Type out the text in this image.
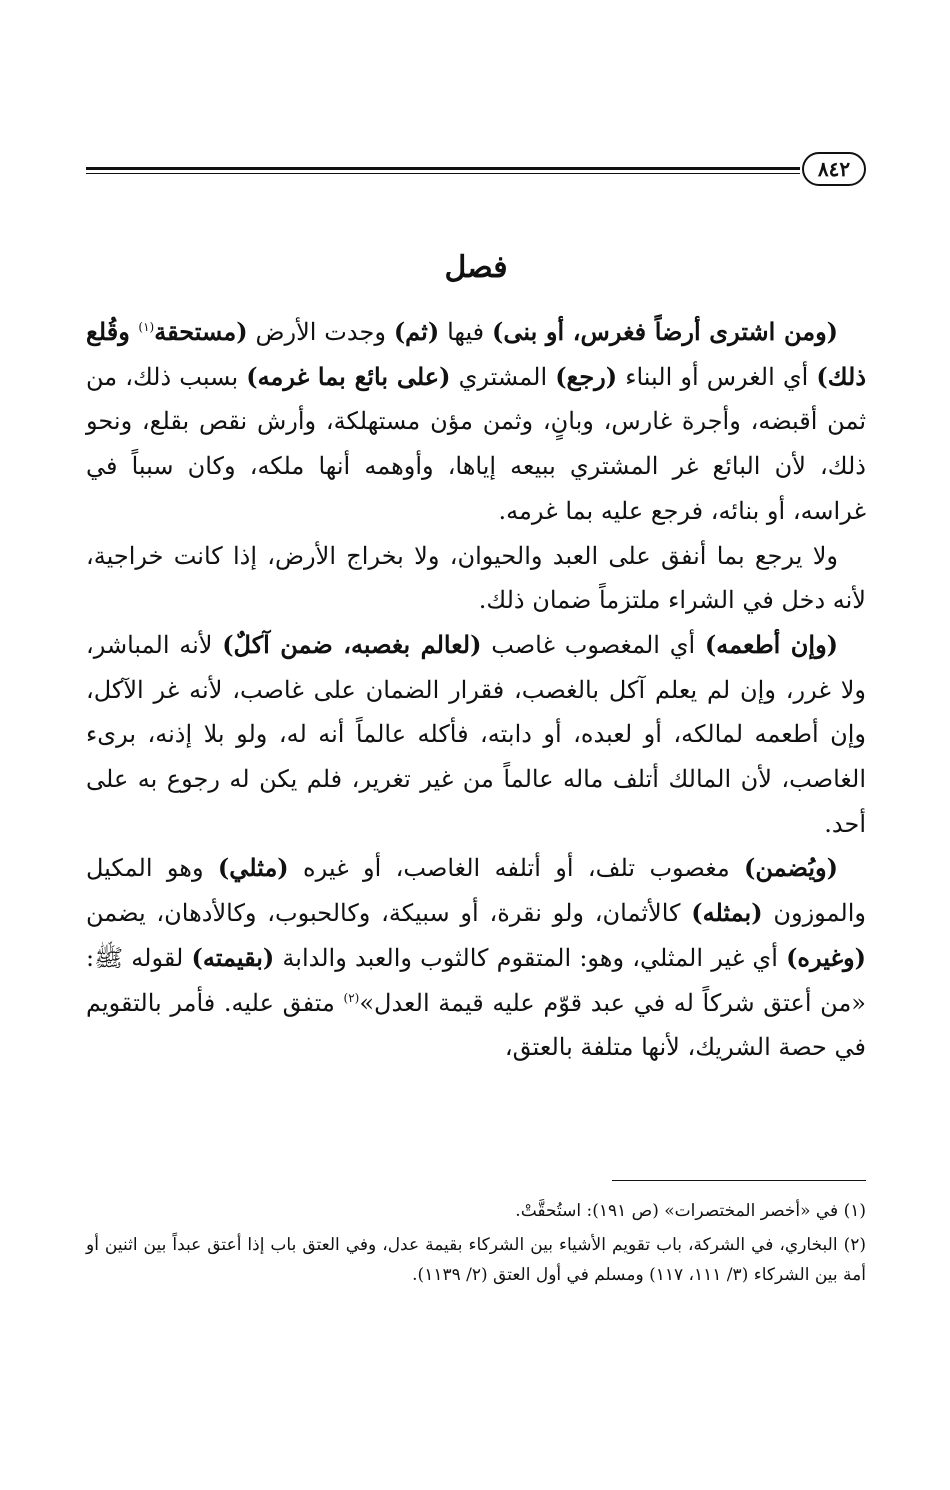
٨٤٢
فصل

(ومن اشترى أرضاً فغرس، أو بنى) فيها (ثم) وجدت الأرض (مستحقة$^{(١)}$ وقُلع ذلك) أي الغرس أو البناء (رجع) المشتري (على بائع بما غرمه) بسبب ذلك، من ثمن أقبضه، وأجرة غارس، وبانٍ، وثمن مؤن مستهلكة، وأرش نقص بقلع، ونحو ذلك، لأن البائع غر المشتري ببيعه إياها، وأوهمه أنها ملكه، وكان سبباً في غراسه، أو بنائه، فرجع عليه بما غرمه.

ولا يرجع بما أنفق على العبد والحيوان، ولا بخراج الأرض، إذا كانت خراجية، لأنه دخل في الشراء ملتزماً ضمان ذلك.

(وإن أطعمه) أي المغصوب غاصب (لعالم بغصبه، ضمن آكلٌ) لأنه المباشر، ولا غرر، وإن لم يعلم آكل بالغصب، فقرار الضمان على غاصب، لأنه غر الآكل، وإن أطعمه لمالكه، أو لعبده، أو دابته، فأكله عالماً أنه له، ولو بلا إذنه، برىء الغاصب، لأن المالك أتلف ماله عالماً من غير تغرير، فلم يكن له رجوع به على أحد.

(ويُضمن) مغصوب تلف، أو أتلفه الغاصب، أو غيره (مثلي) وهو المكيل والموزون (بمثله) كالأثمان، ولو نقرة، أو سبيكة، وكالحبوب، وكالأدهان، يضمن (وغيره) أي غير المثلي، وهو: المتقوم كالثوب والعبد والدابة (بقيمته) لقوله ﷺ: «من أعتق شركاً له في عبد قوّم عليه قيمة العدل»$^{(٢)}$ متفق عليه. فأمر بالتقويم في حصة الشريك، لأنها متلفة بالعتق،

(١) في «أخصر المختصرات» (ص ١٩١): استُحقَّتْ.

(٢) البخاري، في الشركة، باب تقويم الأشياء بين الشركاء بقيمة عدل، وفي العتق باب إذا أعتق عبداً بين اثنين أو أمة بين الشركاء (٣/ ١١١، ١١٧) ومسلم في أول العتق (٢/ ١١٣٩).
